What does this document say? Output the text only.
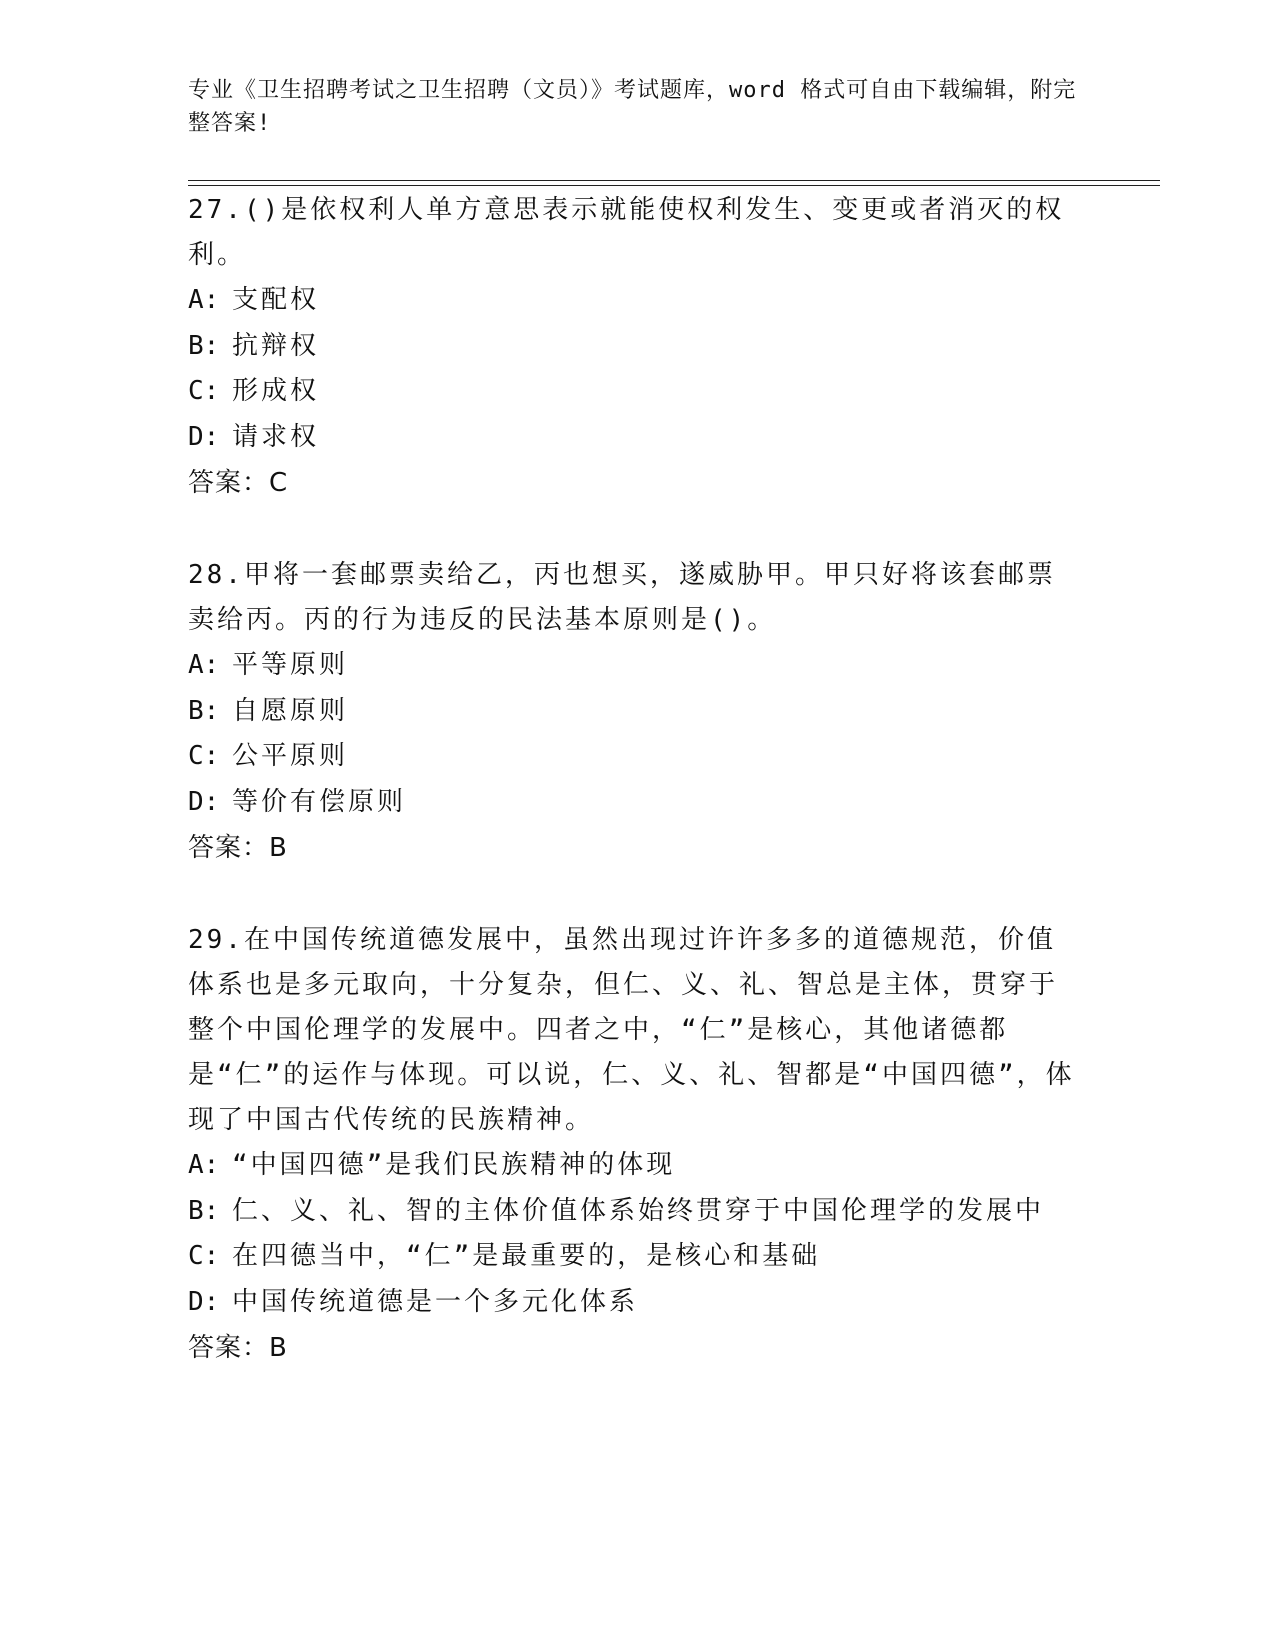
专业《卫生招聘考试之卫生招聘（文员）》考试题库，word 格式可自由下载编辑，附完整答案!

27.()是依权利人单方意思表示就能使权利发生、变更或者消灭的权利。

A: 支配权

B: 抗辩权

C: 形成权

D: 请求权

答案：C

28.甲将一套邮票卖给乙，丙也想买，遂威胁甲。甲只好将该套邮票卖给丙。丙的行为违反的民法基本原则是()。

A: 平等原则

B: 自愿原则

C: 公平原则

D: 等价有偿原则

答案：B

29.在中国传统道德发展中，虽然出现过许许多多的道德规范，价值体系也是多元取向，十分复杂，但仁、义、礼、智总是主体，贯穿于整个中国伦理学的发展中。四者之中，“仁”是核心，其他诸德都是“仁”的运作与体现。可以说，仁、义、礼、智都是“中国四德”，体现了中国古代传统的民族精神。

A: “中国四德”是我们民族精神的体现

B: 仁、义、礼、智的主体价值体系始终贯穿于中国伦理学的发展中

C: 在四德当中，“仁”是最重要的，是核心和基础

D: 中国传统道德是一个多元化体系

答案：B
